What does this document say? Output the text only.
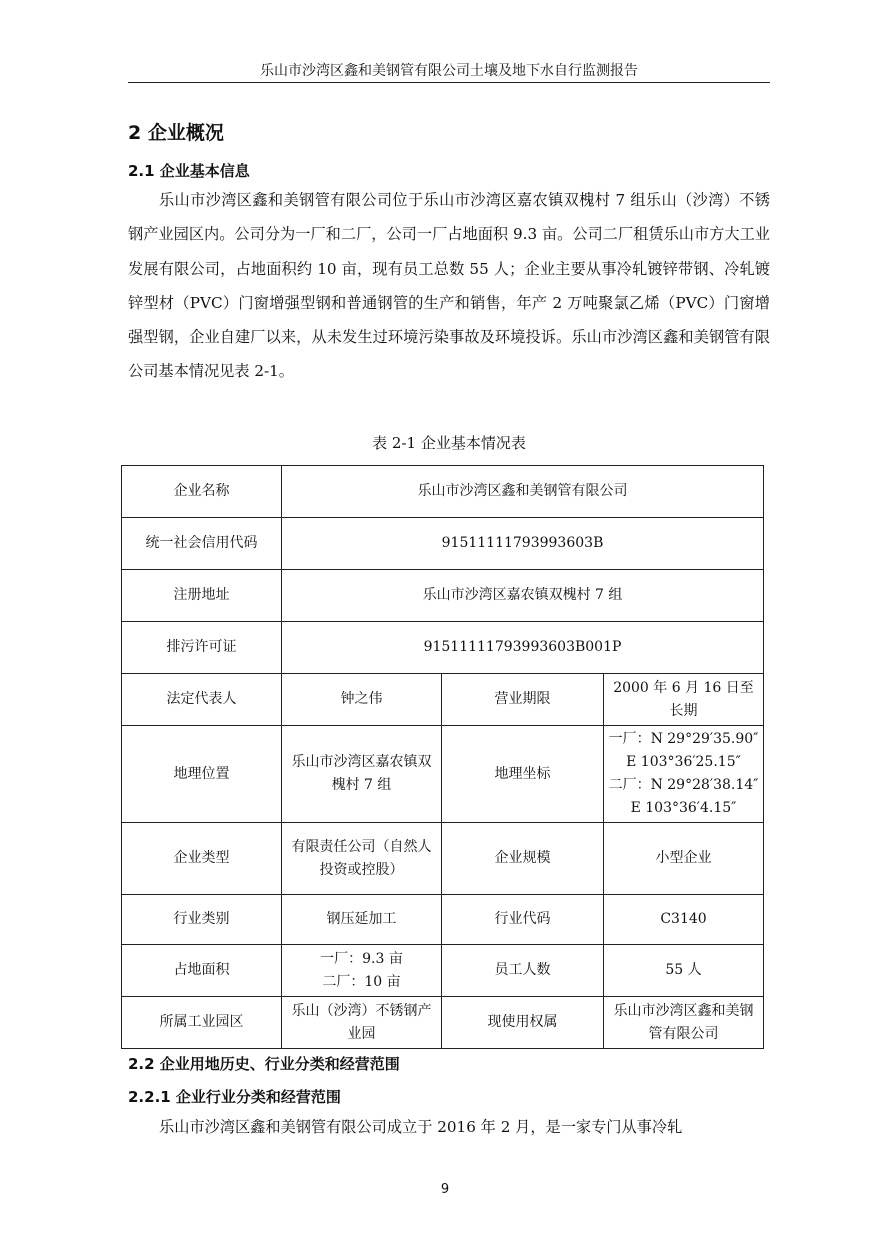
乐山市沙湾区鑫和美钢管有限公司土壤及地下水自行监测报告
2 企业概况
2.1 企业基本信息
乐山市沙湾区鑫和美钢管有限公司位于乐山市沙湾区嘉农镇双槐村 7 组乐山（沙湾）不锈钢产业园区内。公司分为一厂和二厂，公司一厂占地面积 9.3 亩。公司二厂租赁乐山市方大工业发展有限公司，占地面积约 10 亩，现有员工总数 55 人；企业主要从事冷轧镀锌带钢、冷轧镀锌型材（PVC）门窗增强型钢和普通钢管的生产和销售，年产 2 万吨聚氯乙烯（PVC）门窗增强型钢，企业自建厂以来，从未发生过环境污染事故及环境投诉。乐山市沙湾区鑫和美钢管有限公司基本情况见表 2-1。
表 2-1 企业基本情况表
企业名称	乐山市沙湾区鑫和美钢管有限公司		
统一社会信用代码	91511111793993603B		
注册地址	乐山市沙湾区嘉农镇双槐村 7 组		
排污许可证	91511111793993603B001P		
法定代表人	钟之伟	营业期限	2000 年 6 月 16 日至长期
地理位置	乐山市沙湾区嘉农镇双槐村 7 组	地理坐标	一厂：N 29°29′35.90″
E 103°36′25.15″
二厂：N 29°28′38.14″
E 103°36′4.15″

企业类型	有限责任公司（自然人投资或控股）	企业规模	小型企业
行业类别	钢压延加工	行业代码	C3140
占地面积	一厂：9.3 亩
二厂：10 亩	员工人数	55 人
所属工业园区	乐山（沙湾）不锈钢产业园	现使用权属	乐山市沙湾区鑫和美钢管有限公司
2.2 企业用地历史、行业分类和经营范围
2.2.1 企业行业分类和经营范围
乐山市沙湾区鑫和美钢管有限公司成立于 2016 年 2 月，是一家专门从事冷轧
9
